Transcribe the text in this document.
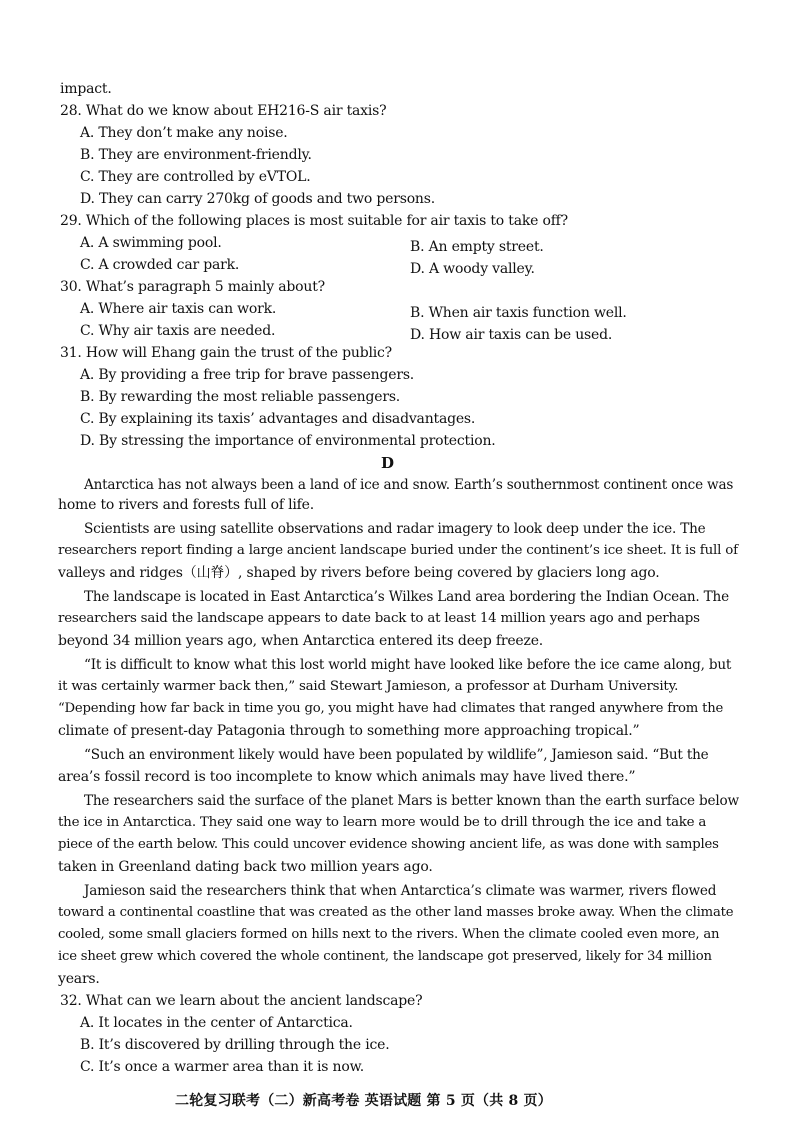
impact.
28. What do we know about EH216-S air taxis?
A. They don’t make any noise.
B. They are environment-friendly.
C. They are controlled by eVTOL.
D. They can carry 270kg of goods and two persons.
29. Which of the following places is most suitable for air taxis to take off?
A. A swimming pool.	B. An empty street.
C. A crowded car park.	D. A woody valley.
30. What’s paragraph 5 mainly about?
A. Where air taxis can work.	B. When air taxis function well.
C. Why air taxis are needed.	D. How air taxis can be used.
31. How will Ehang gain the trust of the public?
A. By providing a free trip for brave passengers.
B. By rewarding the most reliable passengers.
C. By explaining its taxis’ advantages and disadvantages.
D. By stressing the importance of environmental protection.
D
Antarctica has not always been a land of ice and snow. Earth’s southernmost continent once was
home to rivers and forests full of life.
Scientists are using satellite observations and radar imagery to look deep under the ice. The
researchers report finding a large ancient landscape buried under the continent’s ice sheet. It is full of
valleys and ridges（山脊）, shaped by rivers before being covered by glaciers long ago.
The landscape is located in East Antarctica’s Wilkes Land area bordering the Indian Ocean. The
researchers said the landscape appears to date back to at least 14 million years ago and perhaps
beyond 34 million years ago, when Antarctica entered its deep freeze.
“It is difficult to know what this lost world might have looked like before the ice came along, but
it was certainly warmer back then,” said Stewart Jamieson, a professor at Durham University.
“Depending how far back in time you go, you might have had climates that ranged anywhere from the
climate of present-day Patagonia through to something more approaching tropical.”
“Such an environment likely would have been populated by wildlife”, Jamieson said. “But the
area’s fossil record is too incomplete to know which animals may have lived there.”
The researchers said the surface of the planet Mars is better known than the earth surface below
the ice in Antarctica. They said one way to learn more would be to drill through the ice and take a
piece of the earth below. This could uncover evidence showing ancient life, as was done with samples
taken in Greenland dating back two million years ago.
Jamieson said the researchers think that when Antarctica’s climate was warmer, rivers flowed
toward a continental coastline that was created as the other land masses broke away. When the climate
cooled, some small glaciers formed on hills next to the rivers. When the climate cooled even more, an
ice sheet grew which covered the whole continent, the landscape got preserved, likely for 34 million
years.
32. What can we learn about the ancient landscape?
A. It locates in the center of Antarctica.
B. It’s discovered by drilling through the ice.
C. It’s once a warmer area than it is now.
二轮复习联考（二）新高考卷 英语试题 第 5 页（共 8 页）
